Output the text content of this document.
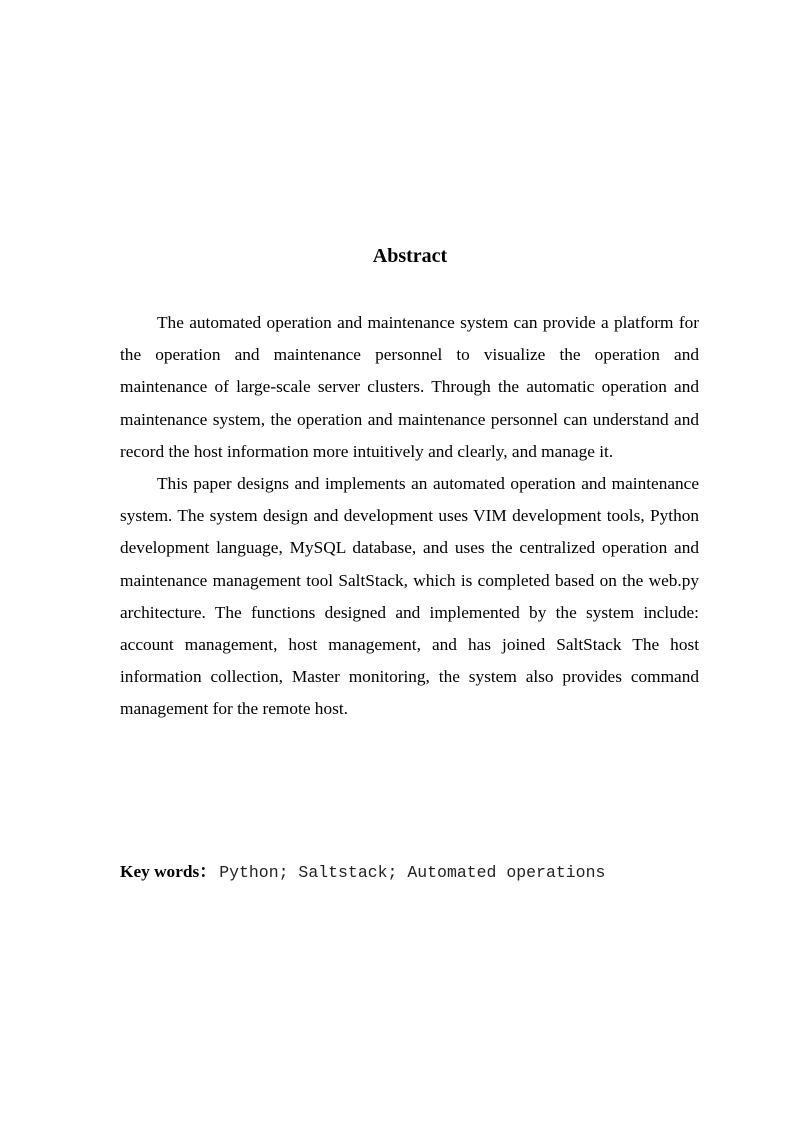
Abstract

The automated operation and maintenance system can provide a platform for the operation and maintenance personnel to visualize the operation and maintenance of large-scale server clusters. Through the automatic operation and maintenance system, the operation and maintenance personnel can understand and record the host information more intuitively and clearly, and manage it.

This paper designs and implements an automated operation and maintenance system. The system design and development uses VIM development tools, Python development language, MySQL database, and uses the centralized operation and maintenance management tool SaltStack, which is completed based on the web.py architecture. The functions designed and implemented by the system include: account management, host management, and has joined SaltStack The host information collection, Master monitoring, the system also provides command management for the remote host.

Key words： Python; Saltstack; Automated operations
